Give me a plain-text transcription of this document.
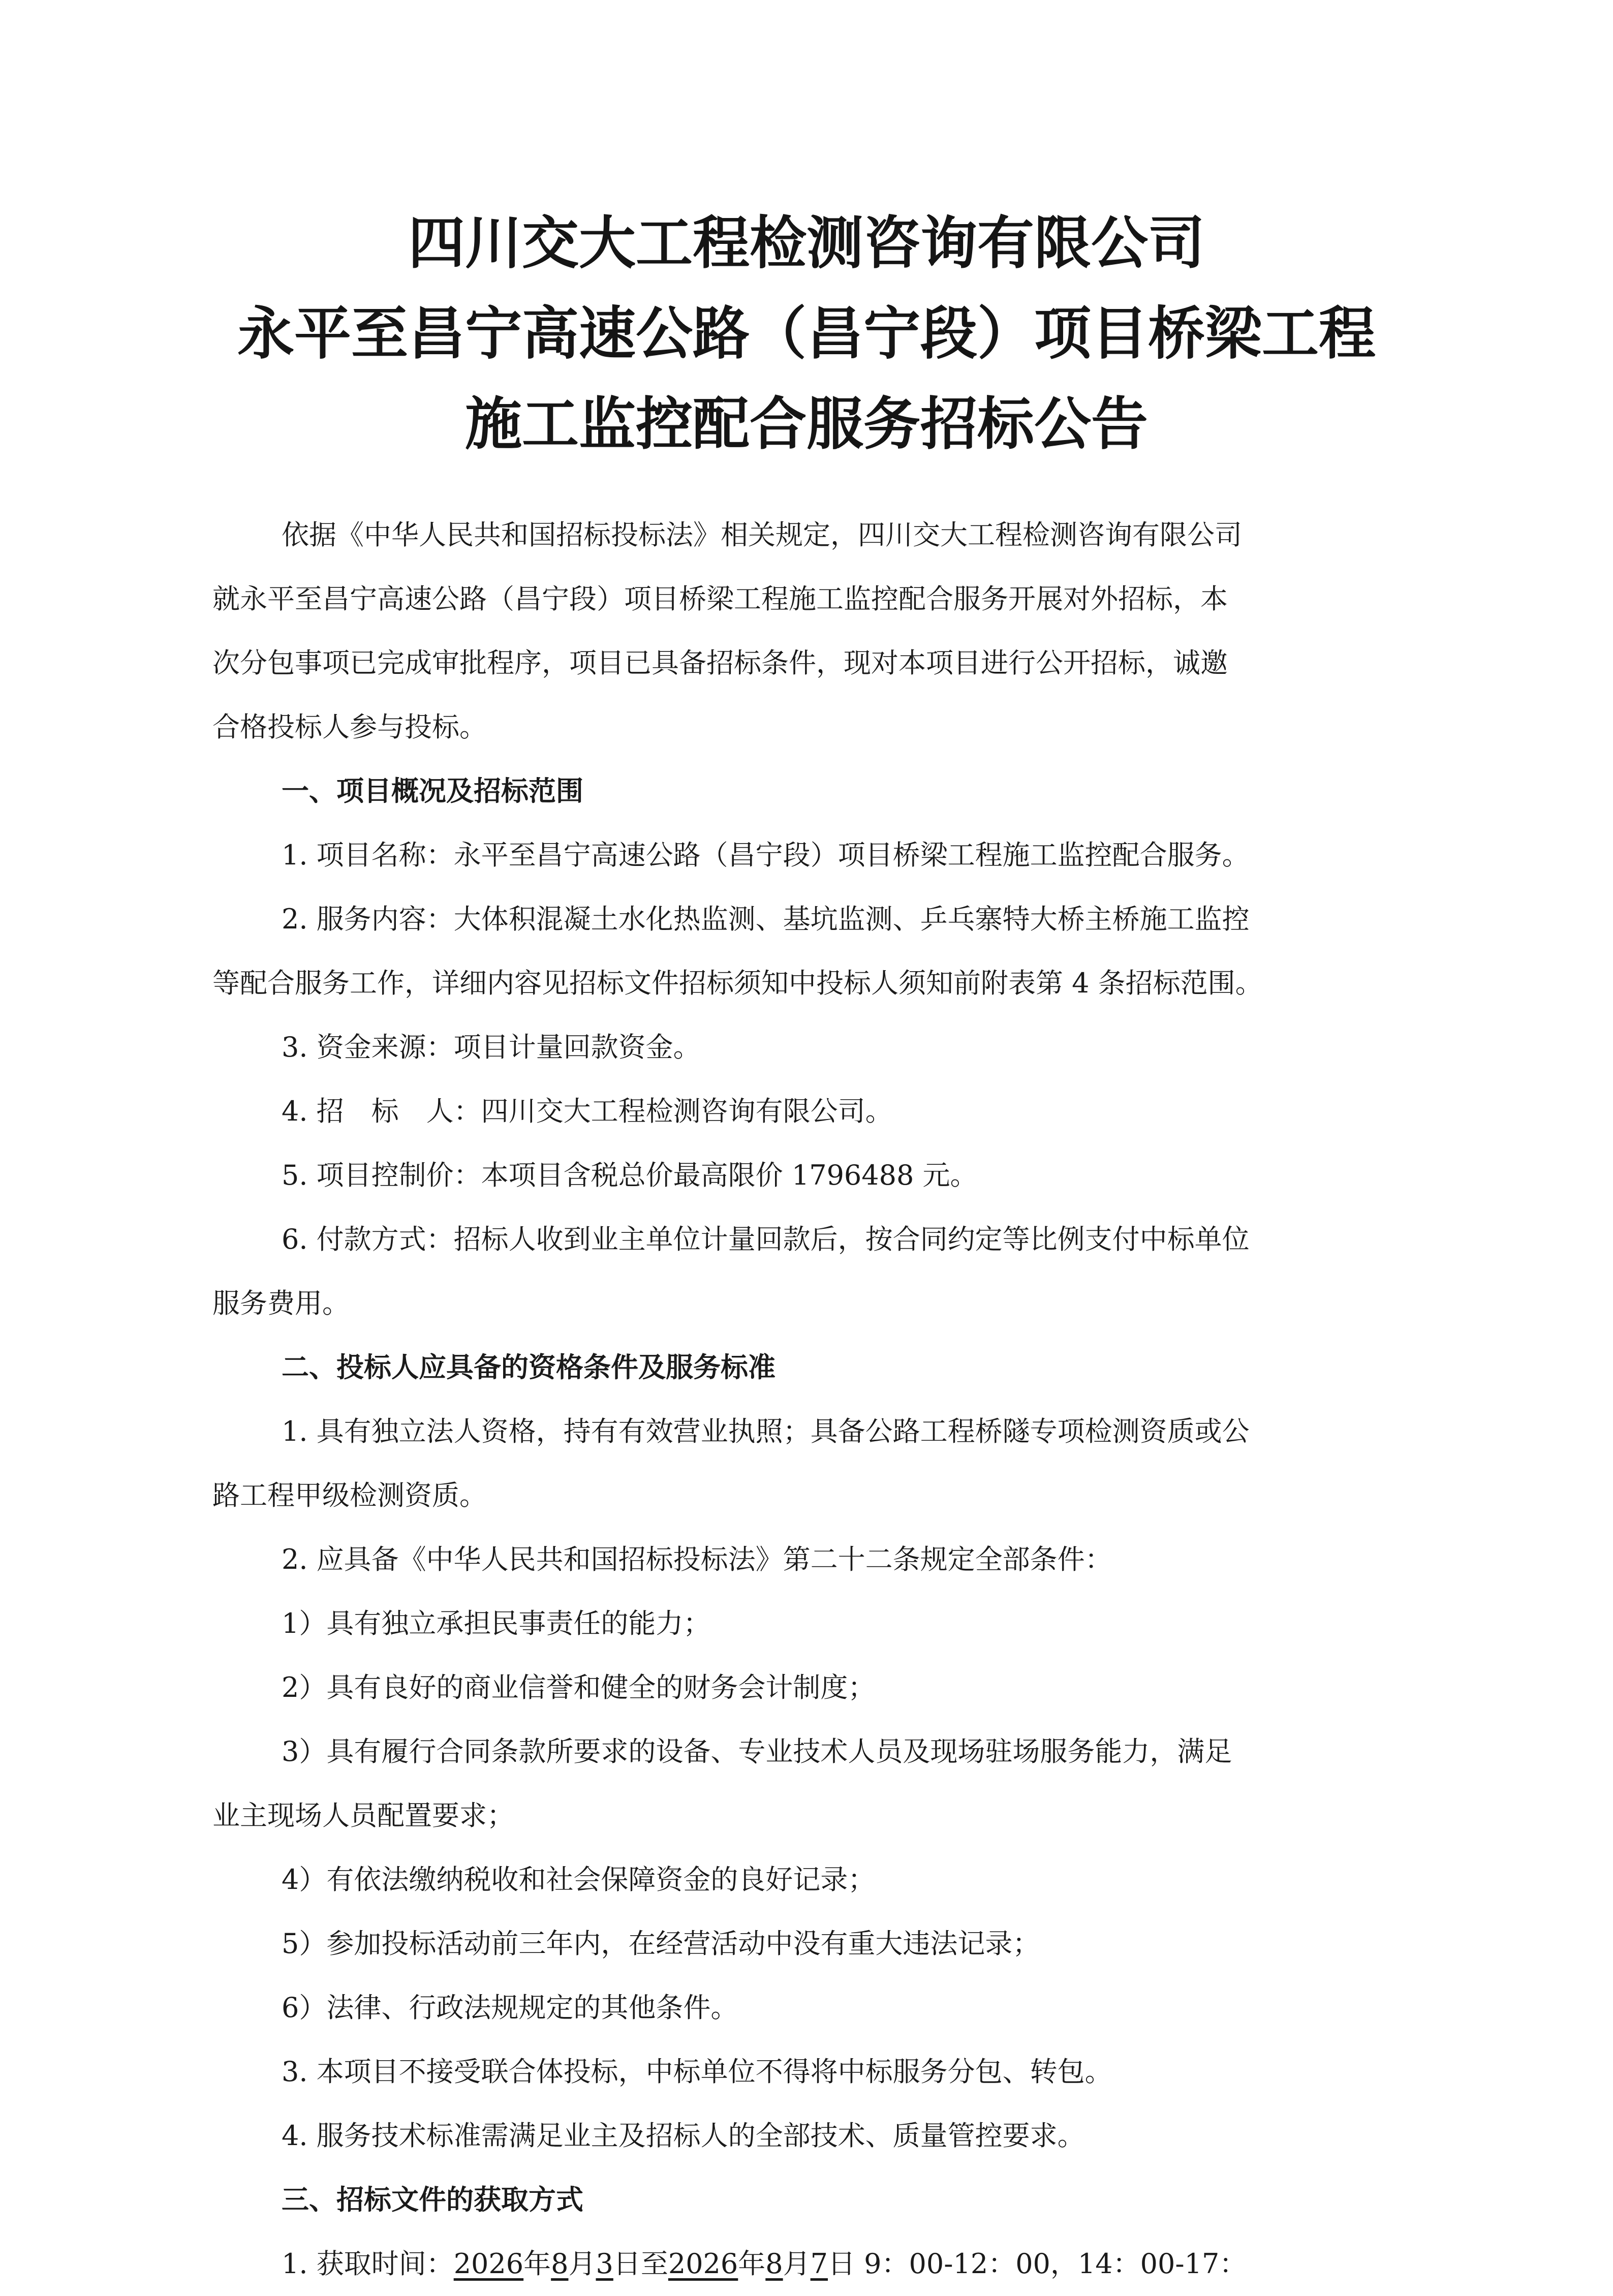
四川交大工程检测咨询有限公司
永平至昌宁高速公路（昌宁段）项目桥梁工程
施工监控配合服务招标公告
依据《中华人民共和国招标投标法》相关规定，四川交大工程检测咨询有限公司
就永平至昌宁高速公路（昌宁段）项目桥梁工程施工监控配合服务开展对外招标，本
次分包事项已完成审批程序，项目已具备招标条件，现对本项目进行公开招标，诚邀
合格投标人参与投标。
一、项目概况及招标范围
1. 项目名称：永平至昌宁高速公路（昌宁段）项目桥梁工程施工监控配合服务。
2. 服务内容：大体积混凝土水化热监测、基坑监测、乒乓寨特大桥主桥施工监控
等配合服务工作，详细内容见招标文件招标须知中投标人须知前附表第 4 条招标范围。
3. 资金来源：项目计量回款资金。
4. 招　标　人：四川交大工程检测咨询有限公司。
5. 项目控制价：本项目含税总价最高限价 1796488 元。
6. 付款方式：招标人收到业主单位计量回款后，按合同约定等比例支付中标单位
服务费用。
二、投标人应具备的资格条件及服务标准
1. 具有独立法人资格，持有有效营业执照；具备公路工程桥隧专项检测资质或公
路工程甲级检测资质。
2. 应具备《中华人民共和国招标投标法》第二十二条规定全部条件：
1）具有独立承担民事责任的能力；
2）具有良好的商业信誉和健全的财务会计制度；
3）具有履行合同条款所要求的设备、专业技术人员及现场驻场服务能力，满足
业主现场人员配置要求；
4）有依法缴纳税收和社会保障资金的良好记录；
5）参加投标活动前三年内，在经营活动中没有重大违法记录；
6）法律、行政法规规定的其他条件。
3. 本项目不接受联合体投标，中标单位不得将中标服务分包、转包。
4. 服务技术标准需满足业主及招标人的全部技术、质量管控要求。
三、招标文件的获取方式
1. 获取时间：2026年8月3日至2026年8月7日 9：00-12：00，14：00-17：
